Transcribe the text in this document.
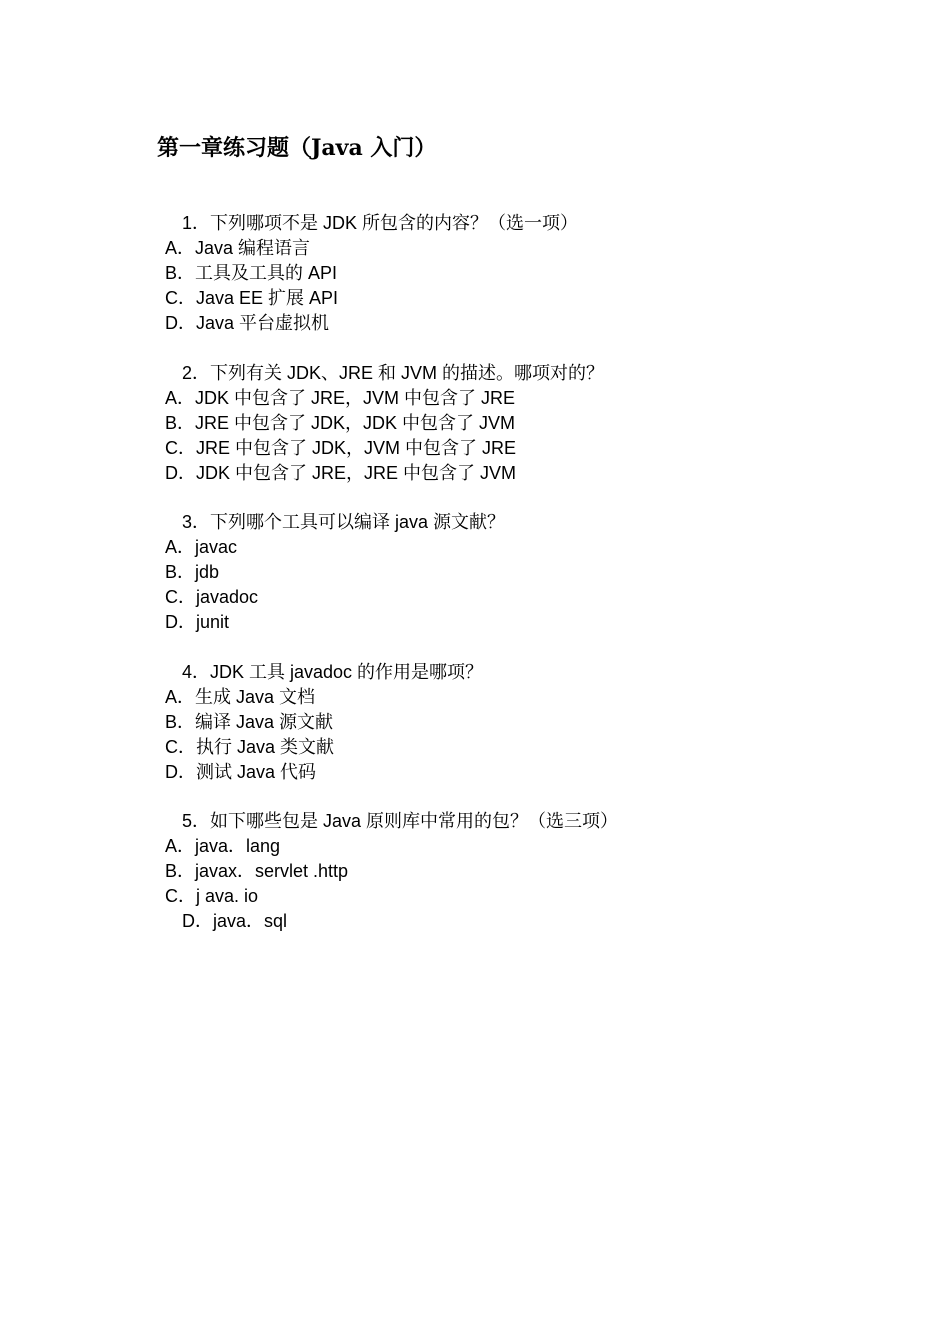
第一章练习题（Java 入门）
1．下列哪项不是 JDK 所包含的内容？（选一项）
A．Java 编程语言
B．工具及工具的 API
C．Java EE 扩展 API
D．Java 平台虚拟机
2．下列有关 JDK、JRE 和 JVM 的描述。哪项对的？
A．JDK 中包含了 JRE，JVM 中包含了 JRE
B．JRE 中包含了 JDK，JDK 中包含了 JVM
C．JRE 中包含了 JDK，JVM 中包含了 JRE
D．JDK 中包含了 JRE，JRE 中包含了 JVM
3．下列哪个工具可以编译 java 源文献？
A．javac
B．jdb
C．javadoc
D．junit
4．JDK 工具 javadoc 的作用是哪项？
A．生成 Java 文档
B．编译 Java 源文献
C．执行 Java 类文献
D．测试 Java 代码
5．如下哪些包是 Java 原则库中常用的包？（选三项）
A．java．lang
B．javax．servlet .http
C．j ava. io
D．java．sql
